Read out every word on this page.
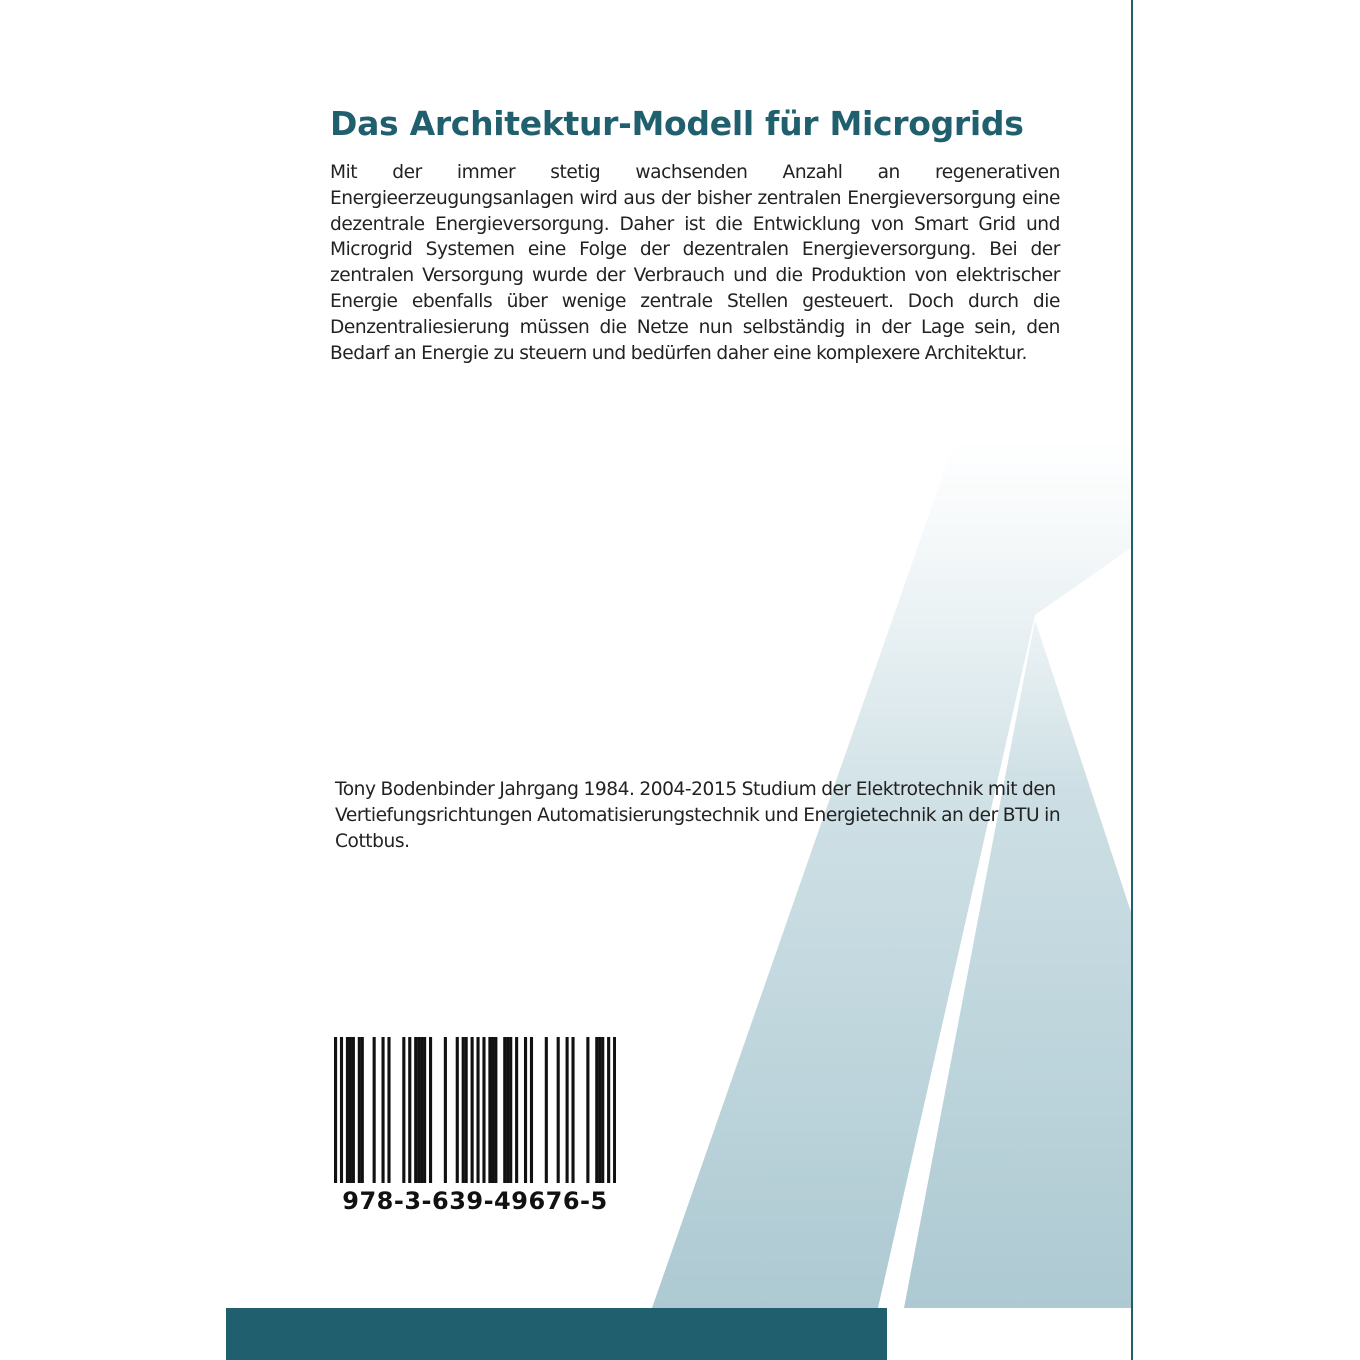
Das Architektur-Modell für Microgrids

Mit der immer stetig wachsenden Anzahl an regenerativen Energieerzeugungsanlagen wird aus der bisher zentralen Energieversorgung eine dezentrale Energieversorgung. Daher ist die Entwicklung von Smart Grid und Microgrid Systemen eine Folge der dezentralen Energieversorgung. Bei der zentralen Versorgung wurde der Verbrauch und die Produktion von elektrischer Energie ebenfalls über wenige zentrale Stellen gesteuert. Doch durch die Denzentraliesierung müssen die Netze nun selbständig in der Lage sein, den Bedarf an Energie zu steuern und bedürfen daher eine komplexere Architektur.

Tony Bodenbinder Jahrgang 1984. 2004-2015 Studium der Elektrotechnik mit den Vertiefungsrichtungen Automatisierungstechnik und Energietechnik an der BTU in Cottbus.

978-3-639-49676-5
